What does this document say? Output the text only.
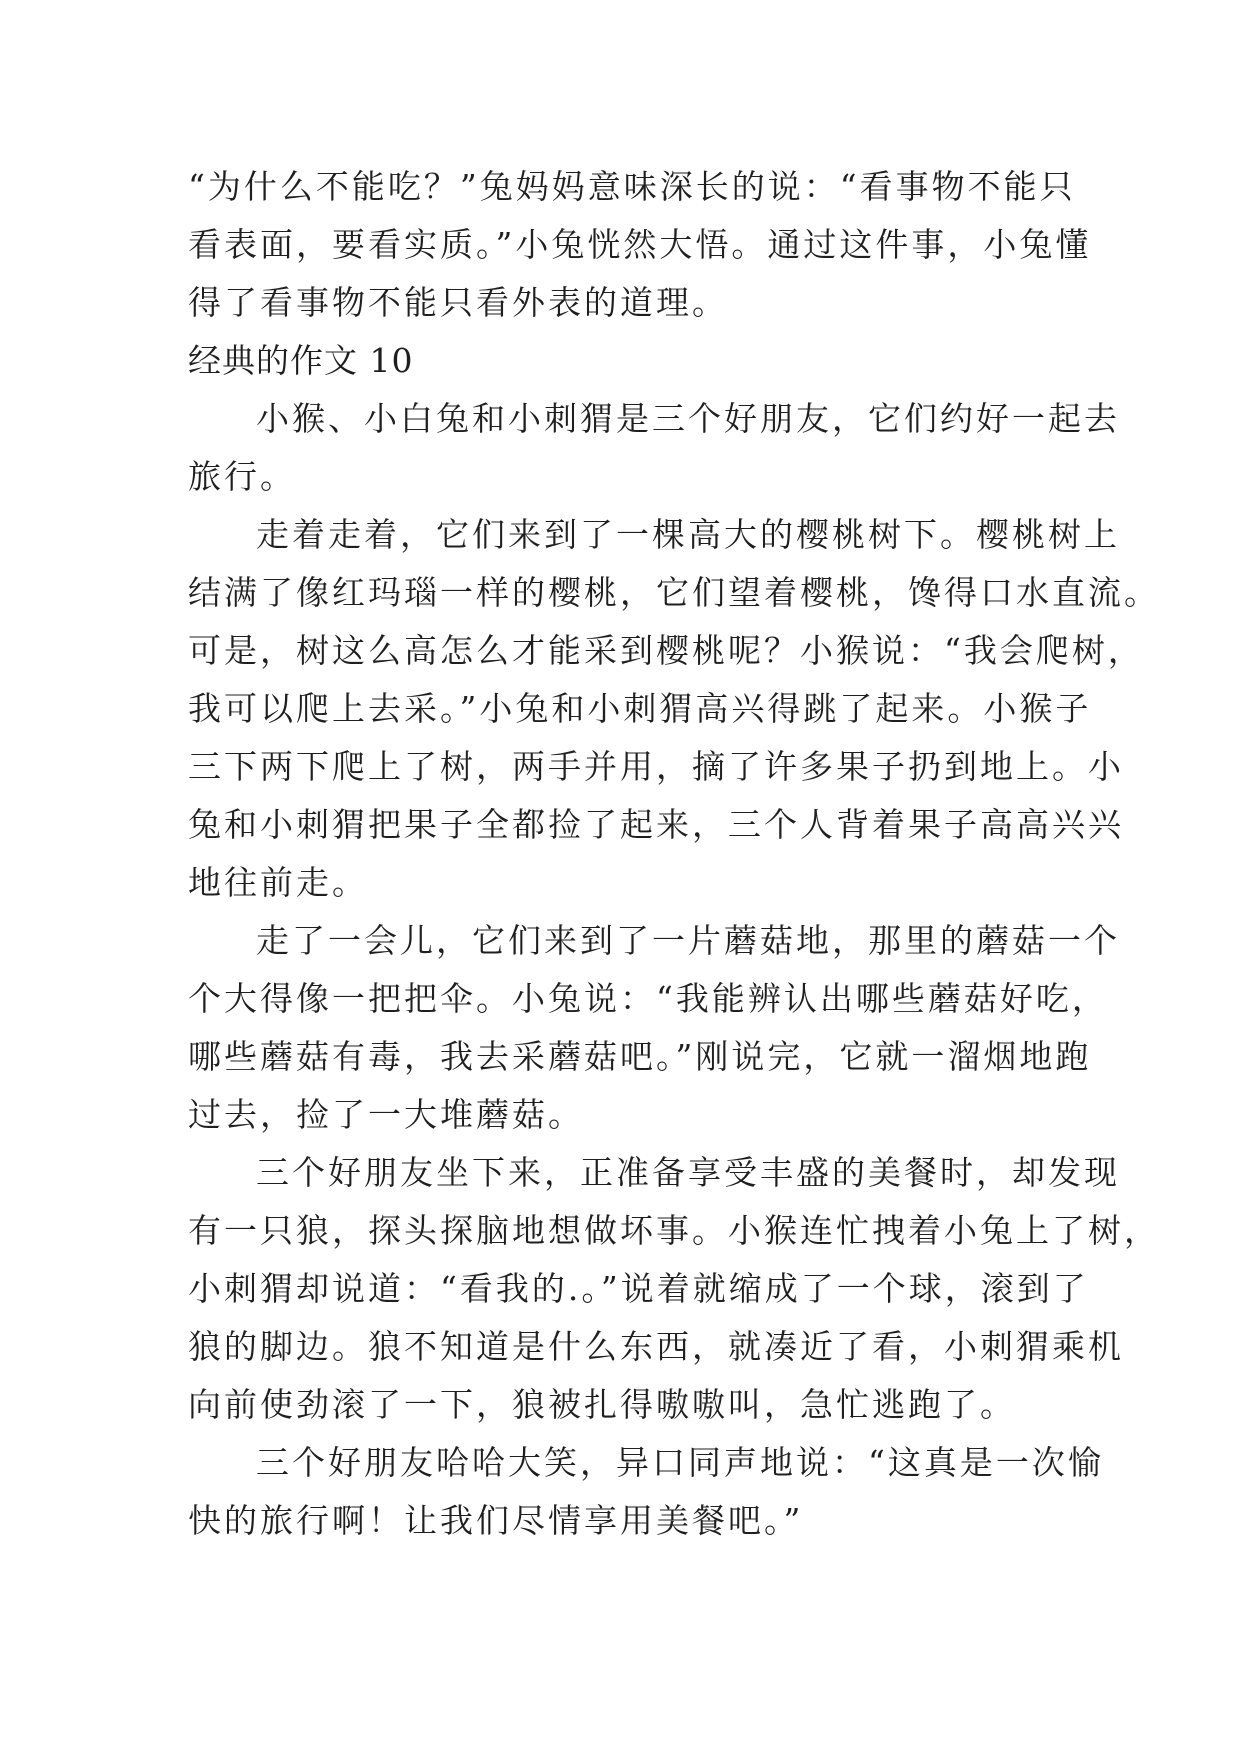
“为什么不能吃？”兔妈妈意味深长的说：“看事物不能只
看表面，要看实质。”小兔恍然大悟。通过这件事，小兔懂
得了看事物不能只看外表的道理。
经典的作文 10
小猴、小白兔和小刺猬是三个好朋友，它们约好一起去
旅行。
走着走着，它们来到了一棵高大的樱桃树下。樱桃树上
结满了像红玛瑙一样的樱桃，它们望着樱桃，馋得口水直流。
可是，树这么高怎么才能采到樱桃呢？小猴说：“我会爬树，
我可以爬上去采。”小兔和小刺猬高兴得跳了起来。小猴子
三下两下爬上了树，两手并用，摘了许多果子扔到地上。小
兔和小刺猬把果子全都捡了起来，三个人背着果子高高兴兴
地往前走。
走了一会儿，它们来到了一片蘑菇地，那里的蘑菇一个
个大得像一把把伞。小兔说：“我能辨认出哪些蘑菇好吃，
哪些蘑菇有毒，我去采蘑菇吧。”刚说完，它就一溜烟地跑
过去，捡了一大堆蘑菇。
三个好朋友坐下来，正准备享受丰盛的美餐时，却发现
有一只狼，探头探脑地想做坏事。小猴连忙拽着小兔上了树，
小刺猬却说道：“看我的.。”说着就缩成了一个球，滚到了
狼的脚边。狼不知道是什么东西，就凑近了看，小刺猬乘机
向前使劲滚了一下，狼被扎得嗷嗷叫，急忙逃跑了。
三个好朋友哈哈大笑，异口同声地说：“这真是一次愉
快的旅行啊！让我们尽情享用美餐吧。”
